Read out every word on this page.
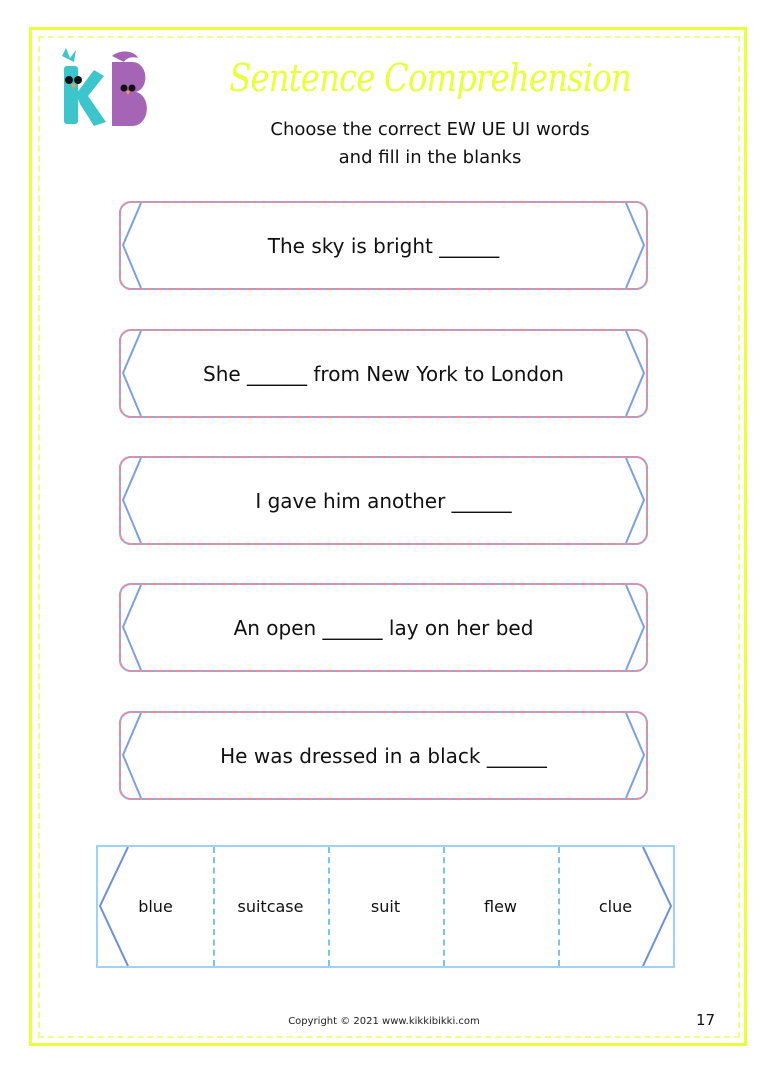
Sentence Comprehension
Choose the correct EW UE UI words
and fill in the blanks
The sky is bright ______
She ______ from New York to London
I gave him another ______
An open ______ lay on her bed
He was dressed in a black ______
blue	suitcase	suit	flew	clue
Copyright © 2021 www.kikkibikki.com	17
